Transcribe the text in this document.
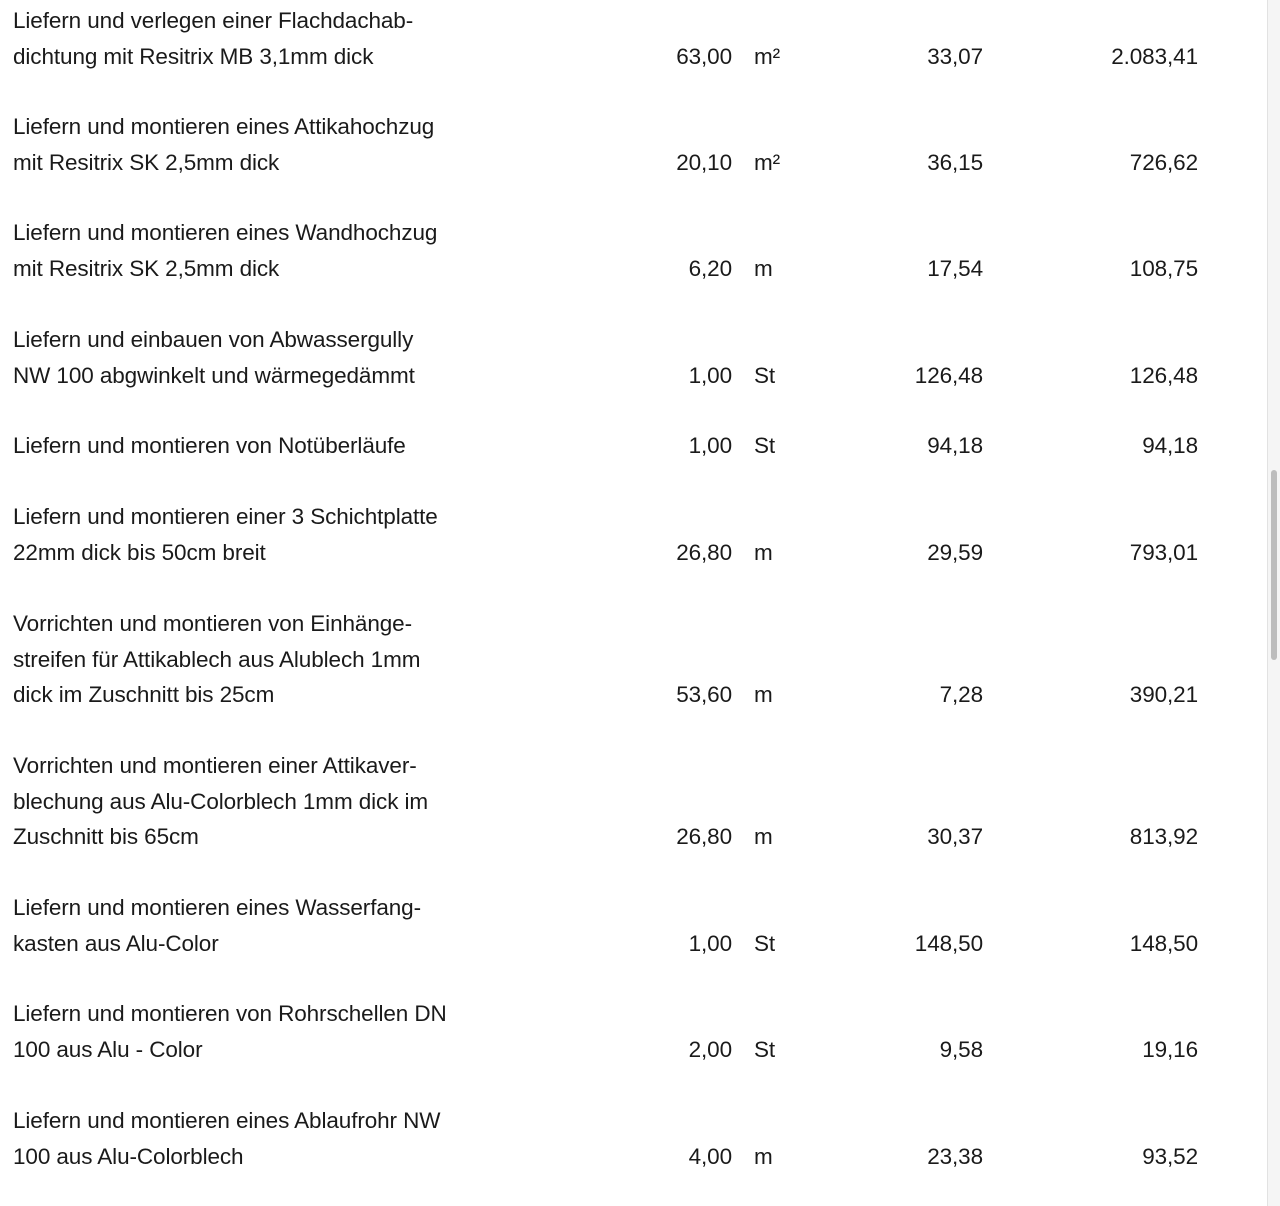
Liefern und verlegen einer Flachdachab-
dichtung mit Resitrix MB 3,1mm dick	63,00 m²	33,07	2.083,41
Liefern und montieren eines Attikahochzug
mit Resitrix SK 2,5mm dick	20,10 m²	36,15	726,62
Liefern und montieren eines Wandhochzug
mit Resitrix SK 2,5mm dick	6,20 m	17,54	108,75
Liefern und einbauen von Abwassergully
NW 100 abgwinkelt und wärmegedämmt	1,00 St	126,48	126,48
Liefern und montieren von Notüberläufe	1,00 St	94,18	94,18
Liefern und montieren einer 3 Schichtplatte
22mm dick bis 50cm breit	26,80 m	29,59	793,01
Vorrichten und montieren von Einhänge-
streifen für Attikablech aus Alublech 1mm
dick im Zuschnitt bis 25cm	53,60 m	7,28	390,21
Vorrichten und montieren einer Attikaver-
blechung aus Alu-Colorblech 1mm dick im
Zuschnitt bis 65cm	26,80 m	30,37	813,92
Liefern und montieren eines Wasserfang-
kasten aus Alu-Color	1,00 St	148,50	148,50
Liefern und montieren von Rohrschellen DN
100 aus Alu - Color	2,00 St	9,58	19,16
Liefern und montieren eines Ablaufrohr NW
100 aus Alu-Colorblech	4,00 m	23,38	93,52
